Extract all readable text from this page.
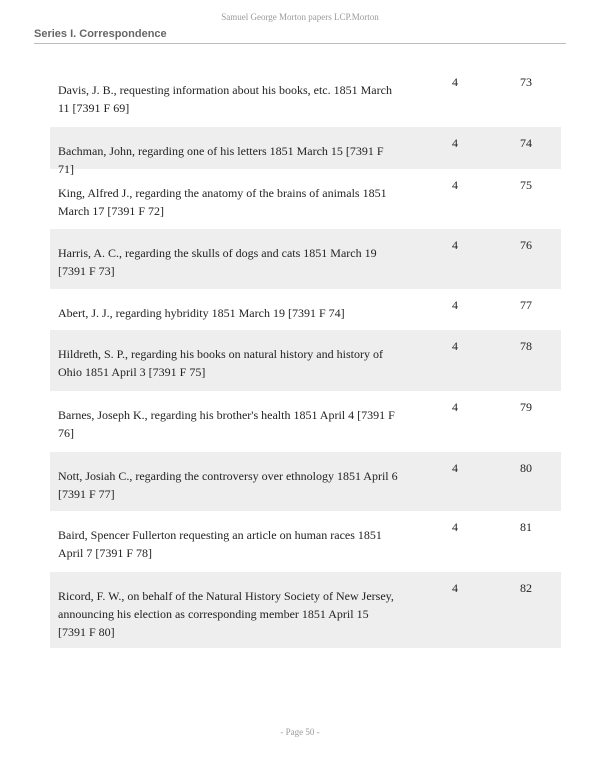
Samuel George Morton papers LCP.Morton
Series I. Correspondence
Davis, J. B., requesting information about his books, etc. 1851 March 11 [7391 F 69]
4	73
Bachman, John, regarding one of his letters 1851 March 15 [7391 F 71]
4	74
King, Alfred J., regarding the anatomy of the brains of animals 1851 March 17 [7391 F 72]
4	75
Harris, A. C., regarding the skulls of dogs and cats 1851 March 19 [7391 F 73]
4	76
Abert, J. J., regarding hybridity 1851 March 19 [7391 F 74]
4	77
Hildreth, S. P., regarding his books on natural history and history of Ohio 1851 April 3 [7391 F 75]
4	78
Barnes, Joseph K., regarding his brother's health 1851 April 4 [7391 F 76]
4	79
Nott, Josiah C., regarding the controversy over ethnology 1851 April 6 [7391 F 77]
4	80
Baird, Spencer Fullerton requesting an article on human races 1851 April 7 [7391 F 78]
4	81
Ricord, F. W., on behalf of the Natural History Society of New Jersey, announcing his election as corresponding member 1851 April 15 [7391 F 80]
4	82
- Page 50 -
